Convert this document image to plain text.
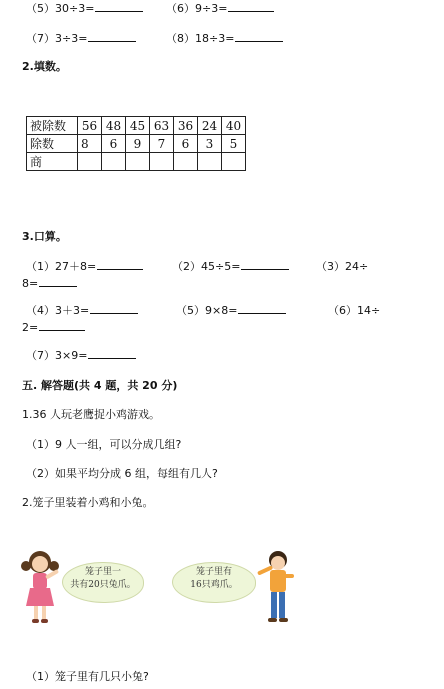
（5）30÷3=	（6）9÷3=
（7）3÷3=	（8）18÷3=
2.填数。
被除数	56	48	45	63	36	24	40
除数	8	6	9	7	6	3	5
商							
3.口算。
（1）27＋8=	（2）45÷5=	（3）24÷
8=
（4）3＋3=	（5）9×8=	（6）14÷
2=
（7）3×9=
五. 解答题(共 4 题，共 20 分)
1.36 人玩老鹰捉小鸡游戏。
（1）9 人一组，可以分成几组?
（2）如果平均分成 6 组，每组有几人?
2.笼子里装着小鸡和小兔。
笼子里一
共有20只兔爪。
笼子里有
16只鸡爪。
（1）笼子里有几只小兔?
